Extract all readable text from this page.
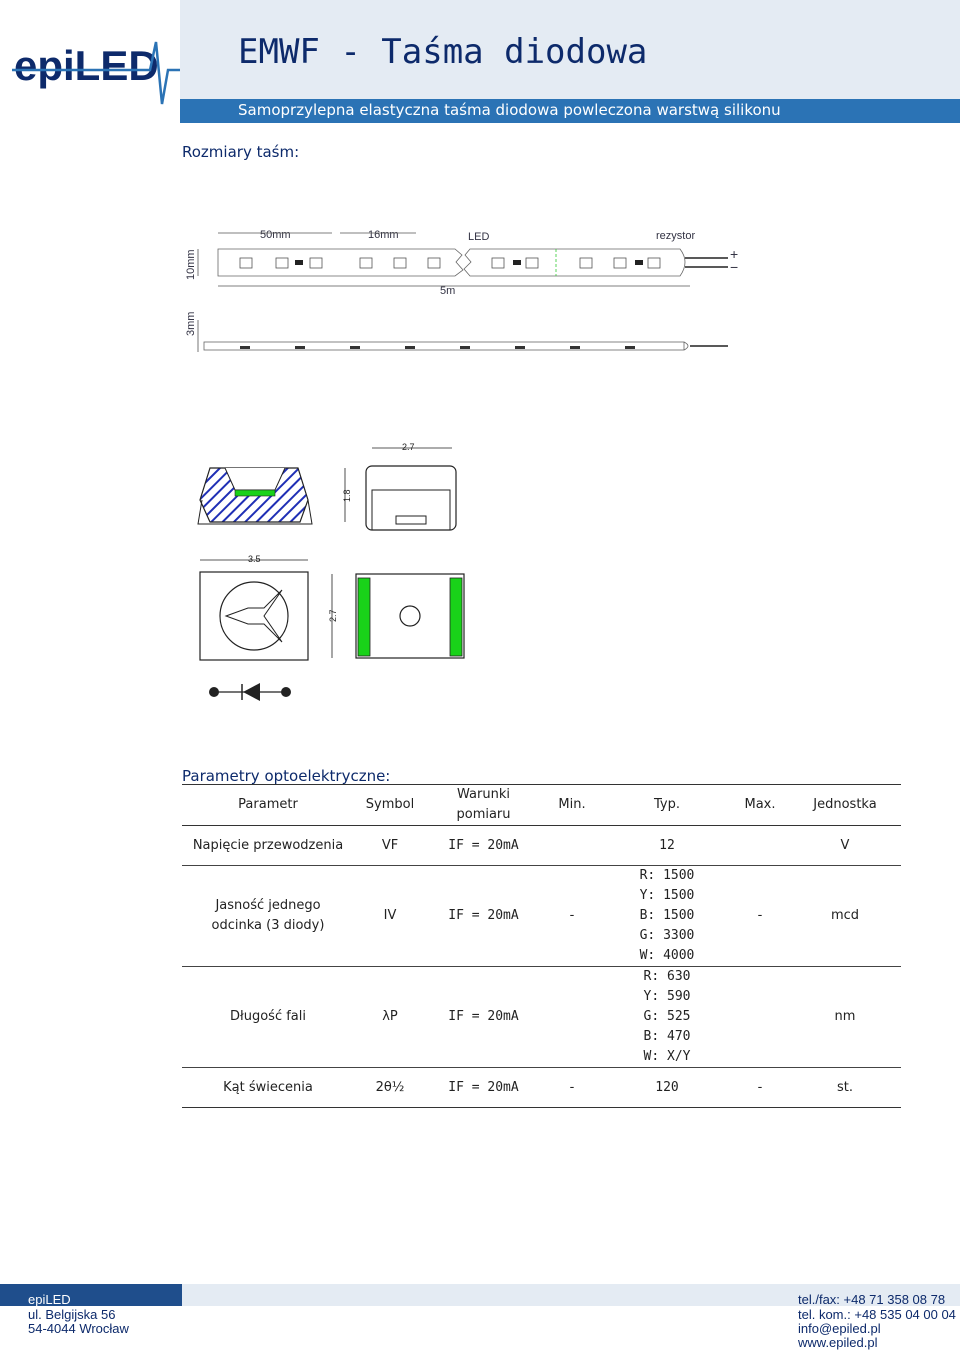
epiLED EMWF - Taśma diodowa
Samoprzylepna elastyczna taśma diodowa powleczona warstwą silikonu
Rozmiary taśm:
50mm	16mm	LED	rezystor
5m
+
−
10mm
3mm
2.7
1.8
3.5
2.7
Parametry optoelektryczne:
Parametr	Symbol	Warunki pomiaru	Min.	Typ.	Max.	Jednostka
Napięcie przewodzenia	VF	IF = 20mA		12		V
Jasność jednego odcinka (3 diody)	IV	IF = 20mA	-	R: 1500
Y: 1500
B: 1500
G: 3300
W: 4000	-	mcd
Długość fali	λP	IF = 20mA		R: 630
Y: 590
G: 525
B: 470
W: X/Y		nm
Kąt świecenia	2θ½	IF = 20mA	-	120	-	st.
epiLED
ul. Belgijska 56
54-4044 Wrocław
tel./fax: +48 71 358 08 78
tel. kom.: +48 535 04 00 04
info@epiled.pl
www.epiled.pl
